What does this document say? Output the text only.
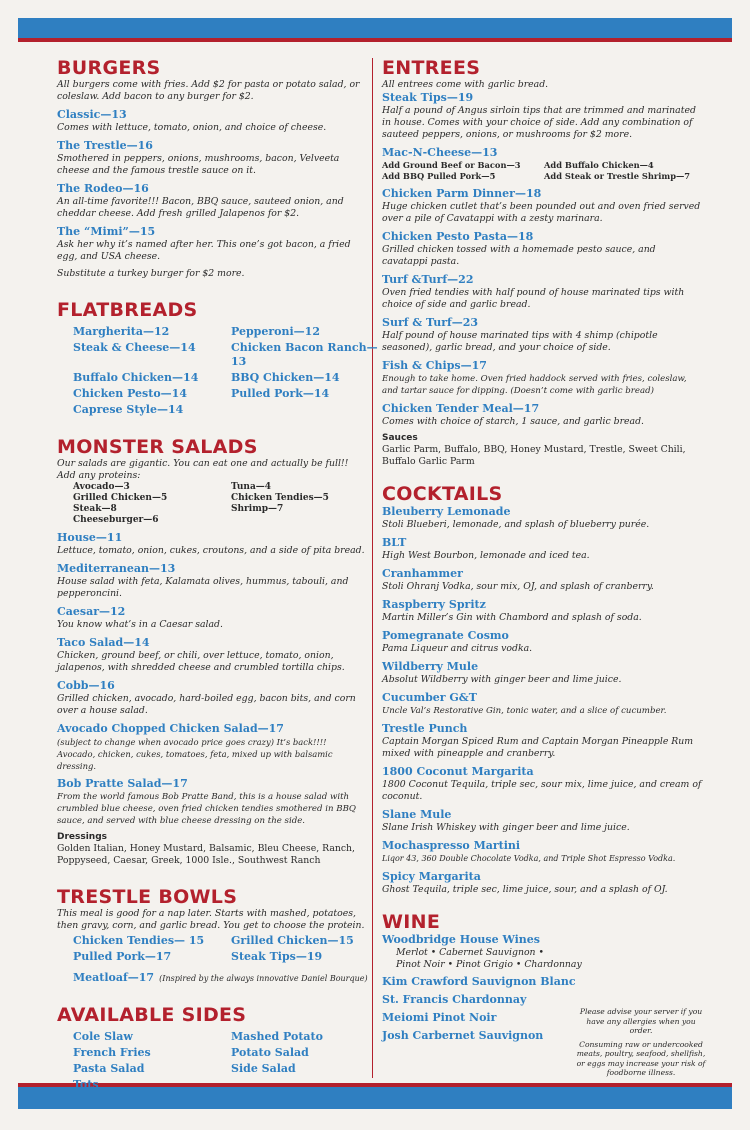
BURGERS
All burgers come with fries. Add $2 for pasta or potato salad, or coleslaw. Add bacon to any burger for $2.
Classic—13
Comes with lettuce, tomato, onion, and choice of cheese.
The Trestle—16
Smothered in peppers, onions, mushrooms, bacon, Velveeta cheese and the famous trestle sauce on it.
The Rodeo—16
An all-time favorite!!! Bacon, BBQ sauce, sauteed onion, and cheddar cheese. Add fresh grilled Jalapenos for $2.
The “Mimi”—15
Ask her why it’s named after her. This one’s got bacon, a fried egg, and USA cheese.
Substitute a turkey burger for $2 more.
FLATBREADS
Margherita—12	Pepperoni—12
Steak & Cheese—14	Chicken Bacon Ranch—13
Buffalo Chicken—14	BBQ Chicken—14
Chicken Pesto—14	Pulled Pork—14
Caprese Style—14
MONSTER SALADS
Our salads are gigantic. You can eat one and actually be full!! Add any proteins:
Avocado—3	Tuna—4
Grilled Chicken—5	Chicken Tendies—5
Steak—8	Shrimp—7
Cheeseburger—6
House—11
Lettuce, tomato, onion, cukes, croutons, and a side of pita bread.
Mediterranean—13
House salad with feta, Kalamata olives, hummus, tabouli, and pepperoncini.
Caesar—12
You know what’s in a Caesar salad.
Taco Salad—14
Chicken, ground beef, or chili, over lettuce, tomato, onion, jalapenos, with shredded cheese and crumbled tortilla chips.
Cobb—16
Grilled chicken, avocado, hard-boiled egg, bacon bits, and corn over a house salad.
Avocado Chopped Chicken Salad—17
(subject to change when avocado price goes crazy) It’s back!!!! Avocado, chicken, cukes, tomatoes, feta, mixed up with balsamic dressing.
Bob Pratte Salad—17
From the world famous Bob Pratte Band, this is a house salad with crumbled blue cheese, oven fried chicken tendies smothered in BBQ sauce, and served with blue cheese dressing on the side.
Dressings
Golden Italian, Honey Mustard, Balsamic, Bleu Cheese, Ranch, Poppyseed, Caesar, Greek, 1000 Isle., Southwest Ranch
TRESTLE BOWLS
This meal is good for a nap later. Starts with mashed, potatoes, then gravy, corn, and garlic bread. You get to choose the protein.
Chicken Tendies— 15	Grilled Chicken—15
Pulled Pork—17	Steak Tips—19
Meatloaf—17 (Inspired by the always innovative Daniel Bourque)
AVAILABLE SIDES
Cole Slaw	Mashed Potato
French Fries	Potato Salad
Pasta Salad	Side Salad
Tots
ENTREES
All entrees come with garlic bread.
Steak Tips—19
Half a pound of Angus sirloin tips that are trimmed and marinated in house. Comes with your choice of side. Add any combination of sauteed peppers, onions, or mushrooms for $2 more.
Mac-N-Cheese—13
Add Ground Beef or Bacon—3	Add Buffalo Chicken—4
Add BBQ Pulled Pork—5	Add Steak or Trestle Shrimp—7
Chicken Parm Dinner—18
Huge chicken cutlet that’s been pounded out and oven fried served over a pile of Cavatappi with a zesty marinara.
Chicken Pesto Pasta—18
Grilled chicken tossed with a homemade pesto sauce, and cavatappi pasta.
Turf &Turf—22
Oven fried tendies with half pound of house marinated tips with choice of side and garlic bread.
Surf & Turf—23
Half pound of house marinated tips with 4 shimp (chipotle seasoned), garlic bread, and your choice of side.
Fish & Chips—17
Enough to take home. Oven fried haddock served with fries, coleslaw, and tartar sauce for dipping. (Doesn’t come with garlic bread)
Chicken Tender Meal—17
Comes with choice of starch, 1 sauce, and garlic bread.
Sauces
Garlic Parm, Buffalo, BBQ, Honey Mustard, Trestle, Sweet Chili, Buffalo Garlic Parm
COCKTAILS
Bleuberry Lemonade
Stoli Blueberi, lemonade, and splash of blueberry purée.
BLT
High West Bourbon, lemonade and iced tea.
Cranhammer
Stoli Ohranj Vodka, sour mix, OJ, and splash of cranberry.
Raspberry Spritz
Martin Miller’s Gin with Chambord and splash of soda.
Pomegranate Cosmo
Pama Liqueur and citrus vodka.
Wildberry Mule
Absolut Wildberry with ginger beer and lime juice.
Cucumber G&T
Uncle Val’s Restorative Gin, tonic water, and a slice of cucumber.
Trestle Punch
Captain Morgan Spiced Rum and Captain Morgan Pineapple Rum mixed with pineapple and cranberry.
1800 Coconut Margarita
1800 Coconut Tequila, triple sec, sour mix, lime juice, and cream of coconut.
Slane Mule
Slane Irish Whiskey with ginger beer and lime juice.
Mochaspresso Martini
Liqor 43, 360 Double Chocolate Vodka, and Triple Shot Espresso Vodka.
Spicy Margarita
Ghost Tequila, triple sec, lime juice, sour, and a splash of OJ.
WINE
Woodbridge House Wines
Merlot • Cabernet Sauvignon •
Pinot Noir • Pinot Grigio • Chardonnay
Kim Crawford Sauvignon Blanc
St. Francis Chardonnay
Meiomi Pinot Noir
Josh Carbernet Sauvignon
Please advise your server if you have any allergies when you order.
Consuming raw or undercooked meats, poultry, seafood, shellfish, or eggs may increase your risk of foodborne illness.
